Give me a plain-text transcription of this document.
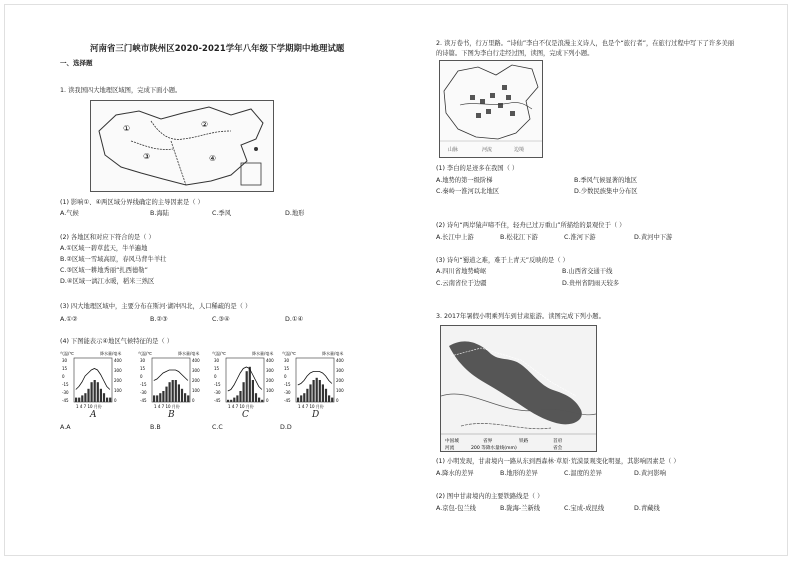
河南省三门峡市陕州区2020-2021学年八年级下学期期中地理试题
一、选择题
1. 读我国四大地理区域图，完成下面小题。
①	②
③	④
(1) 影响①、④两区域分界线确定的主导因素是（ ）
A.气候	B.海陆	C.季风	D.地形
(2) 各地区和对应下符合的是（ ）
A.①区域一碧草蓝天，牛羊遍地
B.②区域一雪域高原，春风马背牛羊壮
C.③区域一耕地秀丽“扎西德勒”
D.④区域一漓江水暖，稻米三熟区
(3) 四大地理区域中，主要分布在斯河·湖冲四北，人口稀疏的是（ ）
A.①②	B.②③	C.③④	D.①④
(4) 下图能表示④地区气候特征的是（ ）
气温/℃	降水量/毫米
30
15
0
-15
-30
-45
400
300
200
100
0
1 4 7 10 月份
A
气温/℃	降水量/毫米
30
15
0
-15
-30
-45
400
300
200
100
0
1 4 7 10 月份
B
气温/℃	降水量/毫米
30
15
0
-15
-30
-45
400
300
200
100
0
1 4 7 10 月份
C
气温/℃	降水量/毫米
30
15
0
-15
-30
-45
400
300
200
100
0
1 4 7 10 月份
D
A.A	B.B	C.C	D.D
2. 读万卷书，行万里路。“诗仙”李白不仅是浪漫主义诗人，也是个“旅行者”，在旅行过程中写下了许多美丽
的诗篇。下图为李白行走经过图，读图，完成下列小题。
山脉	河流	边境
(1) 李白的足迹多在我国（ ）
A.地势的第一级阶梯	B.季风气候显著的地区
C.秦岭一淮河以北地区	D.少数民族集中分布区
(2) 诗句“两岸猿声啼不住，轻舟已过万重山”所描绘的景观位于（ ）
A.长江中上游	B.松花江下游	C.淮河下游	D.黄河中下游
(3) 诗句“蜀道之难，难于上青天”反映的是（ ）
A.四川省地势崎岖	B.山西省交通干线
C.云南省位于边疆	D.贵州省阴雨天较多
3. 2017年暑假小明乘列车到甘肃旅游。读图完成下列小题。
中国城	省界	铁路	首府
河流	200 等降水量线(mm)	省会
(1) 小明发现，甘肃境内一路从东到西森林·草原·荒漠景观变化明显，其影响因素是（ ）
A.降水的差异	B.地形的差异	C.温度的差异	D.黄河影响
(2) 图中甘肃境内的主要铁路线是（ ）
A.京包-包兰线	B.陇海-兰新线	C.宝成-成昆线	D.青藏线
